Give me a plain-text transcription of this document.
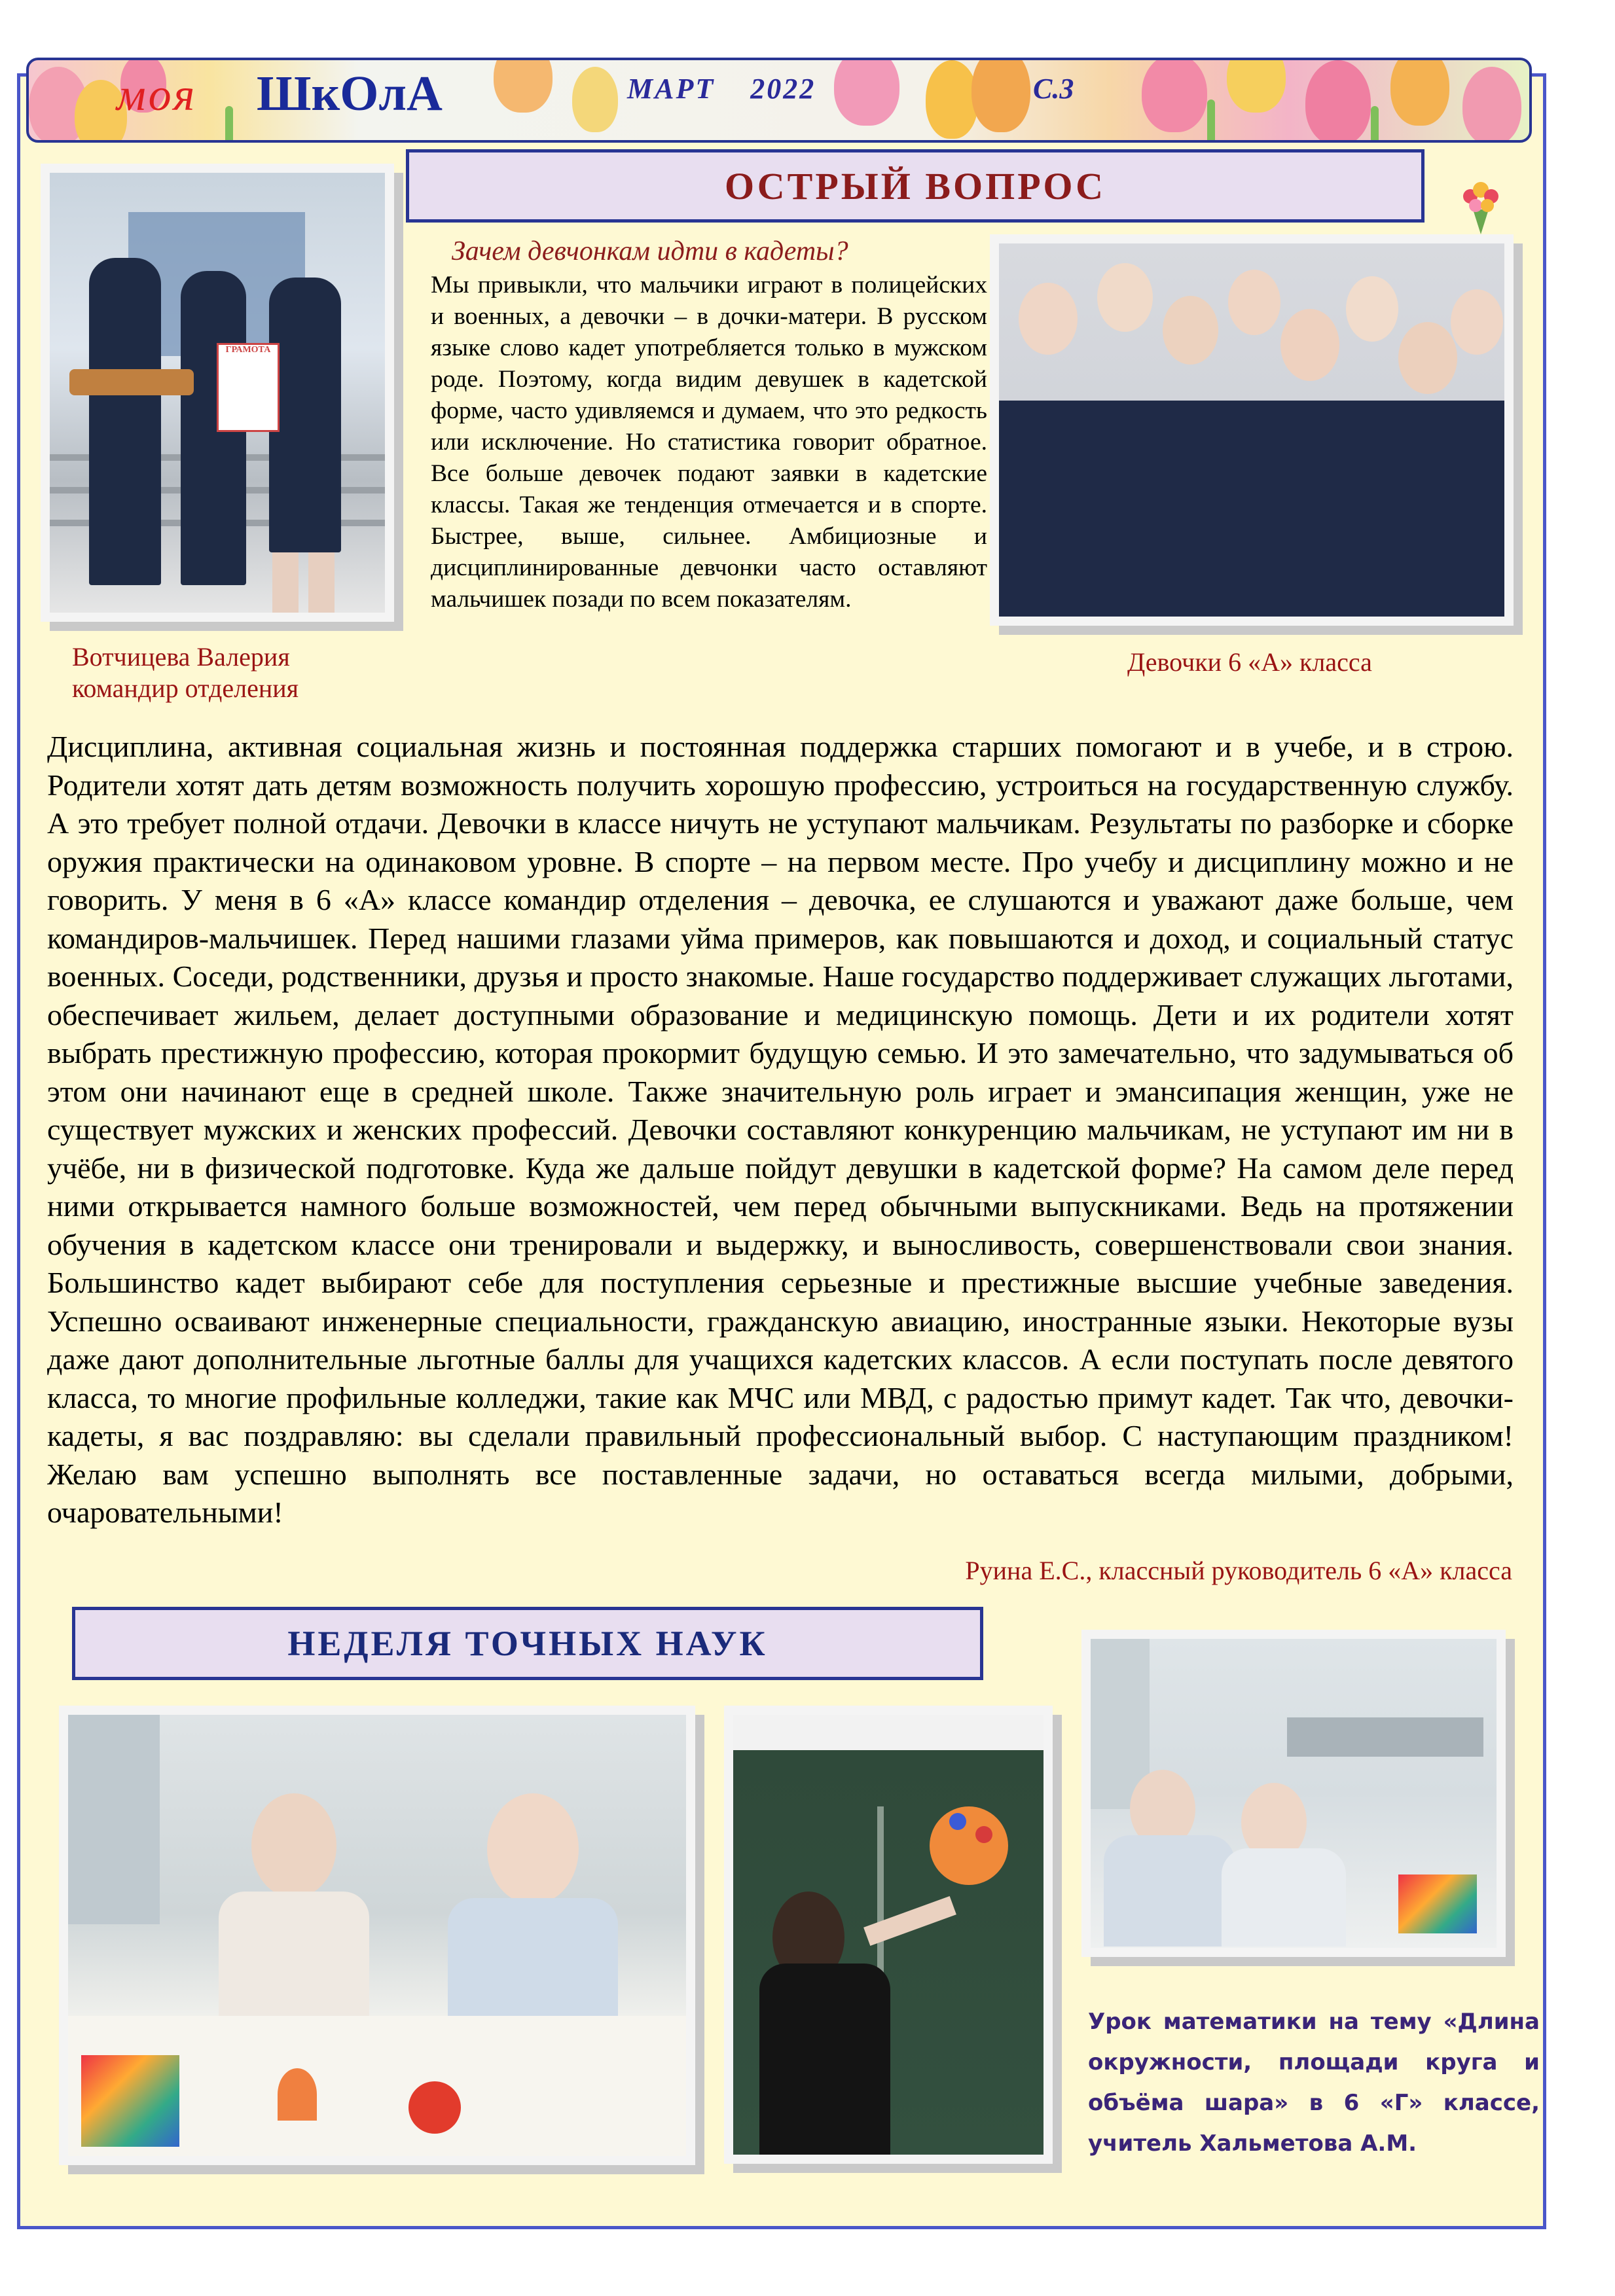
моя ШкОлА	МАРТ 2022	С.3
ОСТРЫЙ ВОПРОС
ГРАМОТА
Зачем девчонкам идти в кадеты?
Мы привыкли, что мальчики играют в полицейских и военных, а девочки – в дочки-матери. В русском языке слово кадет употребляется только в мужском роде. Поэтому, когда видим девушек в кадетской форме, часто удивляемся и думаем, что это редкость или исключение. Но статистика говорит обратное. Все больше девочек подают заявки в кадетские классы. Такая же тенденция отмечается и в спорте. Быстрее, выше, сильнее. Амбициозные и дисциплинированные девчонки часто оставляют мальчишек позади по всем показателям.
Вотчицева Валерия
командир отделения
Девочки 6 «А» класса
Дисциплина, активная социальная жизнь и постоянная поддержка старших помогают и в учебе, и в строю. Родители хотят дать детям возможность получить хорошую профессию, устроиться на государственную службу. А это требует полной отдачи. Девочки в классе ничуть не уступают мальчикам. Результаты по разборке и сборке оружия практически на одинаковом уровне. В спорте – на первом месте. Про учебу и дисциплину можно и не говорить. У меня в 6 «А» классе командир отделения – девочка, ее слушаются и уважают даже больше, чем командиров-мальчишек. Перед нашими глазами уйма примеров, как повышаются и доход, и социальный статус военных. Соседи, родственники, друзья и просто знакомые. Наше государство поддерживает служащих льготами, обеспечивает жильем, делает доступными образование и медицинскую помощь. Дети и их родители хотят выбрать престижную профессию, которая прокормит будущую семью. И это замечательно, что задумываться об этом они начинают еще в средней школе. Также значительную роль играет и эмансипация женщин, уже не существует мужских и женских профессий. Девочки составляют конкуренцию мальчикам, не уступают им ни в учёбе, ни в физической подготовке. Куда же дальше пойдут девушки в кадетской форме? На самом деле перед ними открывается намного больше возможностей, чем перед обычными выпускниками. Ведь на протяжении обучения в кадетском классе они тренировали и выдержку, и выносливость, совершенствовали свои знания. Большинство кадет выбирают себе для поступления серьезные и престижные высшие учебные заведения. Успешно осваивают инженерные специальности, гражданскую авиацию, иностранные языки. Некоторые вузы даже дают дополнительные льготные баллы для учащихся кадетских классов. А если поступать после девятого класса, то многие профильные колледжи, такие как МЧС или МВД, с радостью примут кадет. Так что, девочки-кадеты, я вас поздравляю: вы сделали правильный профессиональный выбор. С наступающим праздником! Желаю вам успешно выполнять все поставленные задачи, но оставаться всегда милыми, добрыми, очаровательными!
Руина Е.С., классный руководитель 6 «А» класса
НЕДЕЛЯ ТОЧНЫХ НАУК
Урок математики на тему «Длина окружности, площади круга и объёма шара» в 6 «Г» классе, учитель Хальметова А.М.
